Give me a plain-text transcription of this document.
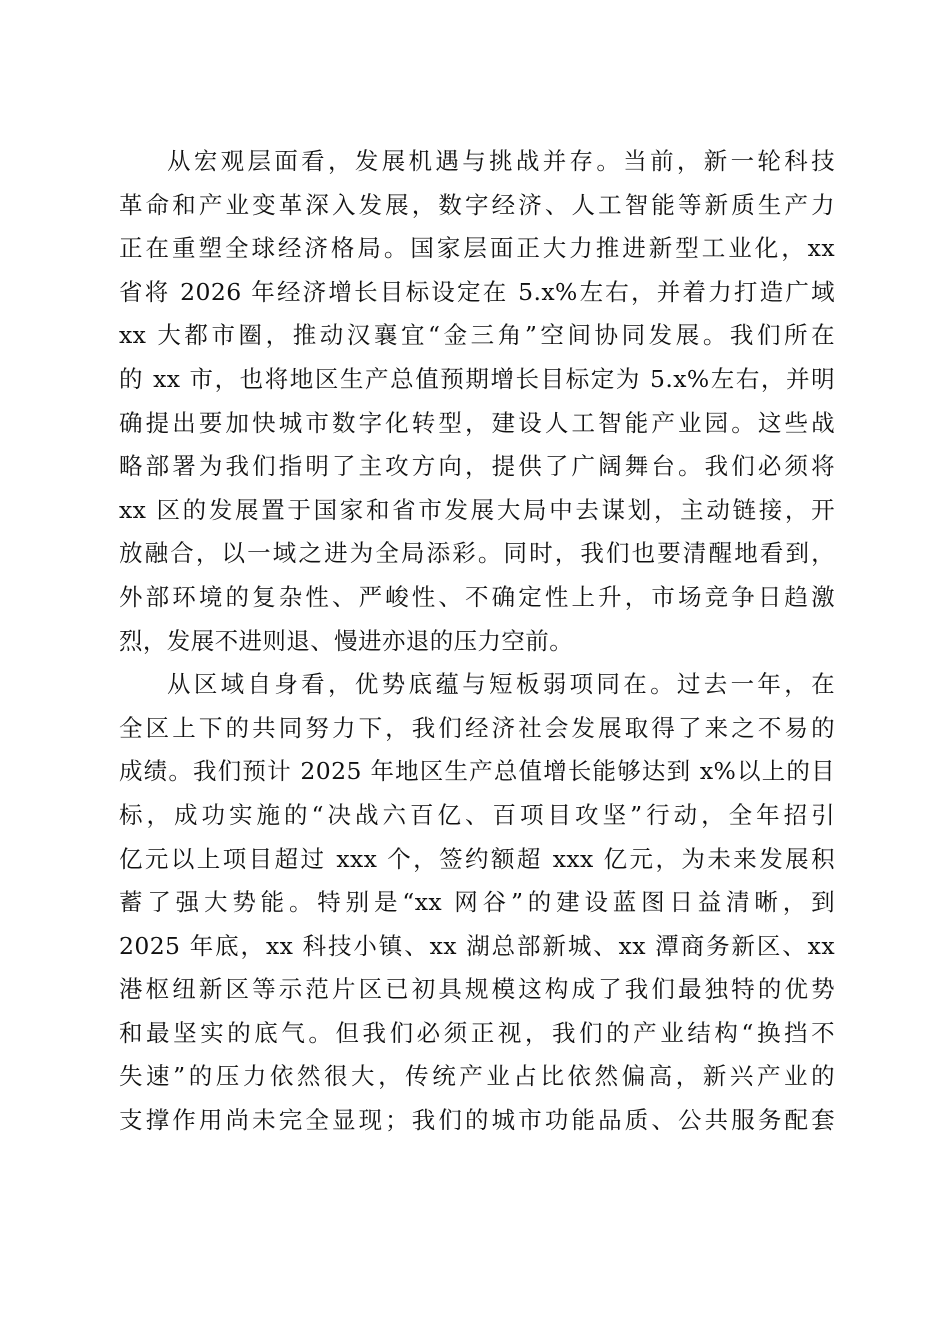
从宏观层面看，发展机遇与挑战并存。当前，新一轮科技
革命和产业变革深入发展，数字经济、人工智能等新质生产力
正在重塑全球经济格局。国家层面正大力推进新型工业化，xx
省将 2026 年经济增长目标设定在 5.x%左右，并着力打造广域
xx 大都市圈，推动汉襄宜“金三角”空间协同发展。我们所在
的 xx 市，也将地区生产总值预期增长目标定为 5.x%左右，并明
确提出要加快城市数字化转型，建设人工智能产业园。这些战
略部署为我们指明了主攻方向，提供了广阔舞台。我们必须将
xx 区的发展置于国家和省市发展大局中去谋划，主动链接，开
放融合，以一域之进为全局添彩。同时，我们也要清醒地看到，
外部环境的复杂性、严峻性、不确定性上升，市场竞争日趋激
烈，发展不进则退、慢进亦退的压力空前。
从区域自身看，优势底蕴与短板弱项同在。过去一年，在
全区上下的共同努力下，我们经济社会发展取得了来之不易的
成绩。我们预计 2025 年地区生产总值增长能够达到 x%以上的目
标，成功实施的“决战六百亿、百项目攻坚”行动，全年招引
亿元以上项目超过 xxx 个，签约额超 xxx 亿元，为未来发展积
蓄了强大势能。特别是“xx 网谷”的建设蓝图日益清晰，到
2025 年底，xx 科技小镇、xx 湖总部新城、xx 潭商务新区、xx
港枢纽新区等示范片区已初具规模这构成了我们最独特的优势
和最坚实的底气。但我们必须正视，我们的产业结构“换挡不
失速”的压力依然很大，传统产业占比依然偏高，新兴产业的
支撑作用尚未完全显现；我们的城市功能品质、公共服务配套
